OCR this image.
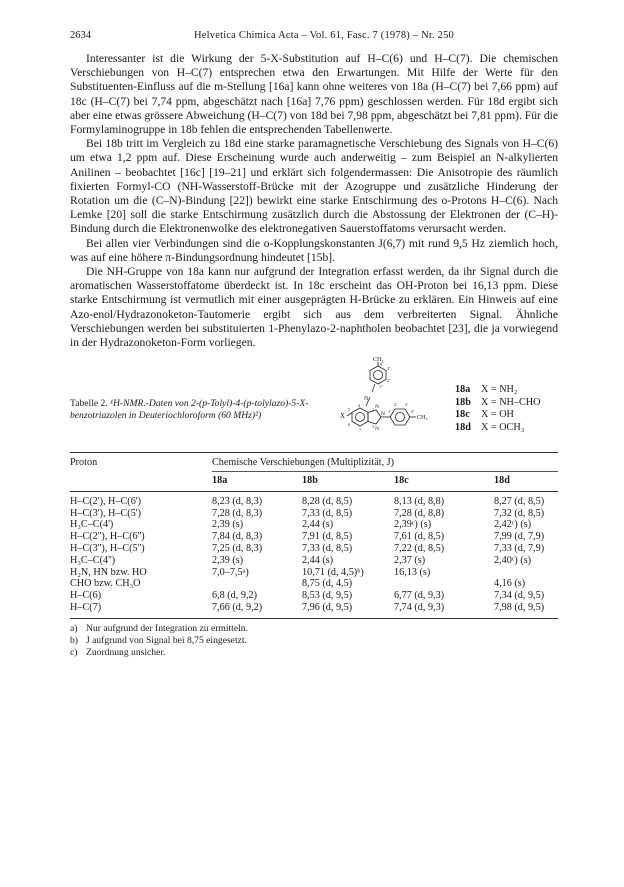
2634	Helvetica Chimica Acta – Vol. 61, Fasc. 7 (1978) – Nr. 250

Interessanter ist die Wirkung der 5-X-Substitution auf H–C(6) und H–C(7). Die chemischen Verschiebungen von H–C(7) entsprechen etwa den Erwartungen. Mit Hilfe der Werte für den Substituenten-Einfluss auf die m-Stellung [16a] kann ohne weiteres von 18a (H–C(7) bei 7,66 ppm) auf 18c (H–C(7) bei 7,74 ppm, abgeschätzt nach [16a] 7,76 ppm) geschlossen werden. Für 18d ergibt sich aber eine etwas grössere Abweichung (H–C(7) von 18d bei 7,98 ppm, abgeschätzt bei 7,81 ppm). Für die Formylaminogruppe in 18b fehlen die entsprechenden Tabellenwerte.

Bei 18b tritt im Vergleich zu 18d eine starke paramagnetische Verschiebung des Signals von H–C(6) um etwa 1,2 ppm auf. Diese Erscheinung wurde auch anderweitig – zum Beispiel an N-alkylierten Anilinen – beobachtet [16c] [19–21] und erklärt sich folgendermassen: Die Anisotropie des räumlich fixierten Formyl-CO (NH-Wasserstoff-Brücke mit der Azogruppe und zusätzliche Hinderung der Rotation um die (C–N)-Bindung [22]) bewirkt eine starke Entschirmung des o-Protons H–C(6). Nach Lemke [20] soll die starke Entschirmung zusätzlich durch die Abstossung der Elektronen der (C–H)-Bindung durch die Elektronenwolke des elektronegativen Sauerstoffatoms verursacht werden.

Bei allen vier Verbindungen sind die o-Kopplungskonstanten J(6,7) mit rund 9,5 Hz ziemlich hoch, was auf eine höhere π-Bindungsordnung hindeutet [15b].

Die NH-Gruppe von 18a kann nur aufgrund der Integration erfasst werden, da ihr Signal durch die aromatischen Wasserstoffatome überdeckt ist. In 18c erscheint das OH-Proton bei 16,13 ppm. Diese starke Entschirmung ist vermutlich mit einer ausgeprägten H-Brücke zu erklären. Ein Hinweis auf eine Azo-enol/Hydrazonoketon-Tautomerie ergibt sich aus dem verbreiterten Signal. Ähnliche Verschiebungen werden bei substituierten 1-Phenylazo-2-naphtholen beobachtet [23], die ja vorwiegend in der Hydrazonoketon-Form vorliegen.

Tabelle 2. ¹H-NMR.-Daten von 2-(p-Tolyl)-4-(p-tolylazo)-5-X-benzotriazolen in Deuteriochloroform (60 MHz)²)
CH₃
N
X
N
N
CH₃
N
4''
3''
2''
1''
4
5
6
7
1
3
1'
2' 3'
4'
18a X = NH₂
18b X = NH–CHO
18c X = OH
18d X = OCH₃
Proton	Chemische Verschiebungen (Multiplizität, J)			
	18a	18b	18c	18d
H–C(2'), H–C(6')	8,23 (d, 8,3)	8,28 (d, 8,5)	8,13 (d, 8,8)	8,27 (d, 8,5)
H–C(3'), H–C(5')	7,28 (d, 8,3)	7,33 (d, 8,5)	7,28 (d, 8,8)	7,32 (d, 8,5)
H₃C–C(4')	2,39 (s)	2,44 (s)	2,39ᶜ) (s)	2,42ᶜ) (s)
H–C(2''), H–C(6'')	7,84 (d, 8,3)	7,91 (d, 8,5)	7,61 (d, 8,5)	7,99 (d, 7,9)
H–C(3''), H–C(5'')	7,25 (d, 8,3)	7,33 (d, 8,5)	7,22 (d, 8,5)	7,33 (d, 7,9)
H₃C–C(4'')	2,39 (s)	2,44 (s)	2,37 (s)	2,40ᶜ) (s)
H₂N, HN bzw. HO	7,0–7,5ᵃ)	10,71 (d, 4,5)ᵇ)	16,13 (s)	
CHO bzw. CH₃O		8,75 (d, 4,5)		4,16 (s)
H–C(6)	6,8 (d, 9,2)	8,53 (d, 9,5)	6,77 (d, 9,3)	7,34 (d, 9,5)
H–C(7)	7,66 (d, 9,2)	7,96 (d, 9,5)	7,74 (d, 9,3)	7,98 (d, 9,5)
a) Nur aufgrund der Integration zu ermitteln.
b) J aufgrund von Signal bei 8,75 eingesetzt.
c) Zuordnung unsicher.
